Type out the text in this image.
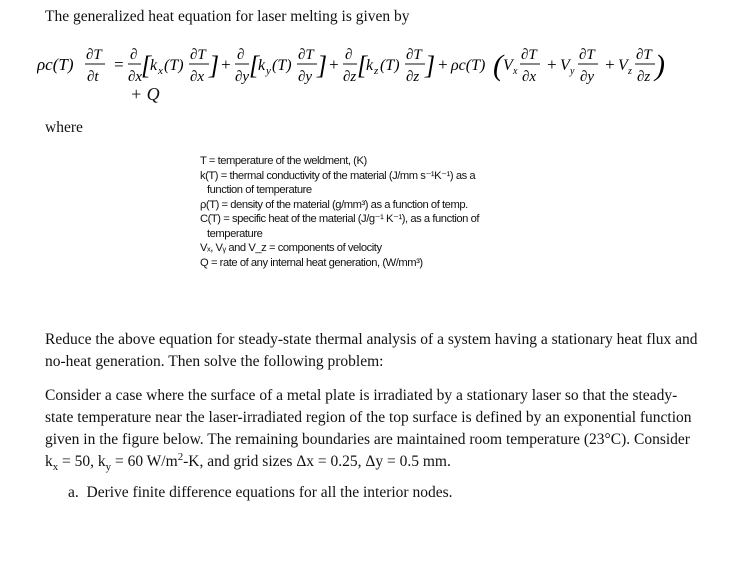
The generalized heat equation for laser melting is given by
ρc(T) ∂T
∂t
= ∂
∂x
[
k x (T)
∂T
∂x ] + ∂
∂y [
k y (T)
∂T
∂y ] + ∂
∂z [
k z (T)
∂T
∂z ] + ρc(T) ( V x
∂T
∂x
+ V y
∂T
∂y
+ V z
∂T
∂z )
+ Q
where
T = temperature of the weldment, (K)
k(T) = thermal conductivity of the material (J/mm s⁻¹K⁻¹) as a
function of temperature
ρ(T) = density of the material (g/mm³) as a function of temp.
C(T) = specific heat of the material (J/g⁻¹ K⁻¹), as a function of
temperature
Vₓ, Vᵧ and V_z = components of velocity
Q = rate of any internal heat generation, (W/mm³)
Reduce the above equation for steady-state thermal analysis of a system having a stationary heat flux and no-heat generation. Then solve the following problem:
Consider a case where the surface of a metal plate is irradiated by a stationary laser so that the steady-state temperature near the laser-irradiated region of the top surface is defined by an exponential function given in the figure below. The remaining boundaries are maintained room temperature (23°C). Consider $k_x = 50$, $k_y = 60$ $W/m^2-K$, and grid sizes Δx = 0.25, Δy = 0.5 mm.
a. Derive finite difference equations for all the interior nodes.
